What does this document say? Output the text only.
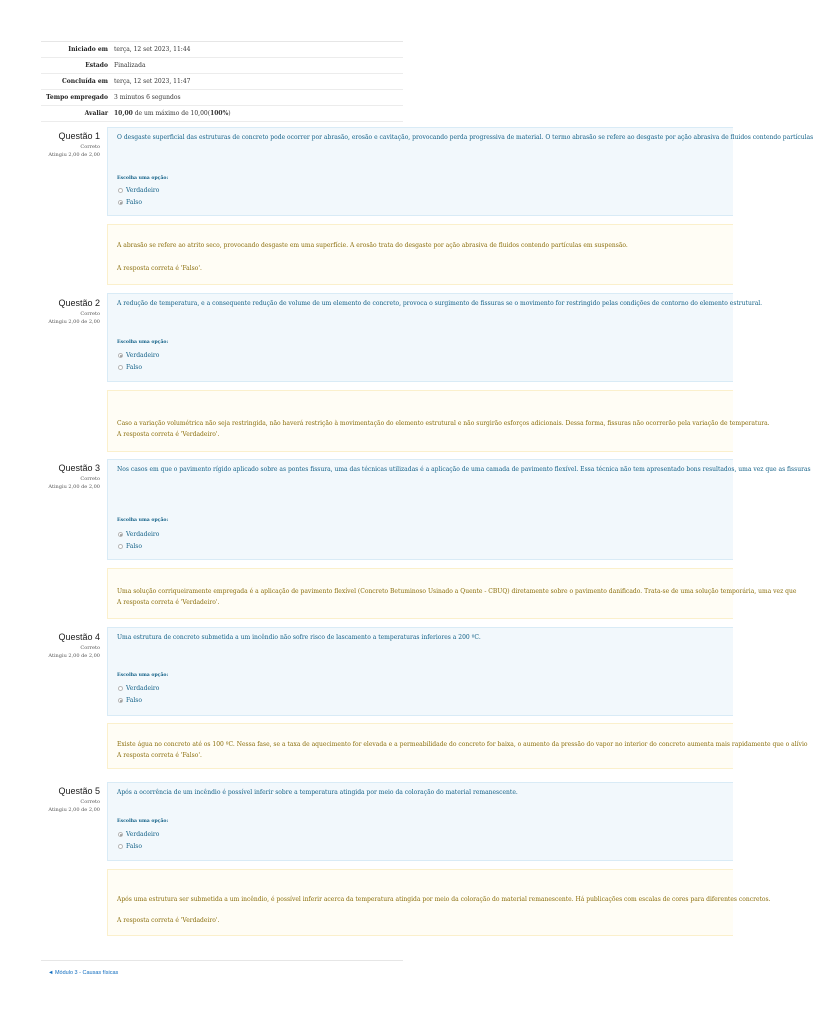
Iniciado em	terça, 12 set 2023, 11:44
Estado	Finalizada
Concluída em	terça, 12 set 2023, 11:47
Tempo empregado	3 minutos 6 segundos
Avaliar	10,00 de um máximo de 10,00(100%)
Questão 1
Correto
Atingiu 2,00 de 2,00
O desgaste superficial das estruturas de concreto pode ocorrer por abrasão, erosão e cavitação, provocando perda progressiva de material. O termo abrasão se refere ao desgaste por ação abrasiva de fluidos contendo partículas
Escolha uma opção:
Verdadeiro
Falso
A abrasão se refere ao atrito seco, provocando desgaste em uma superfície. A erosão trata do desgaste por ação abrasiva de fluidos contendo partículas em suspensão.
A resposta correta é 'Falso'.
Questão 2
Correto
Atingiu 2,00 de 2,00
A redução de temperatura, e a consequente redução de volume de um elemento de concreto, provoca o surgimento de fissuras se o movimento for restringido pelas condições de contorno do elemento estrutural.
Escolha uma opção:
Verdadeiro
Falso
Caso a variação volumétrica não seja restringida, não haverá restrição à movimentação do elemento estrutural e não surgirão esforços adicionais. Dessa forma, fissuras não ocorrerão pela variação de temperatura.
A resposta correta é 'Verdadeiro'.
Questão 3
Correto
Atingiu 2,00 de 2,00
Nos casos em que o pavimento rígido aplicado sobre as pontes fissura, uma das técnicas utilizadas é a aplicação de uma camada de pavimento flexível. Essa técnica não tem apresentado bons resultados, uma vez que as fissuras
Escolha uma opção:
Verdadeiro
Falso
Uma solução corriqueiramente empregada é a aplicação de pavimento flexível (Concreto Betuminoso Usinado a Quente - CBUQ) diretamente sobre o pavimento danificado. Trata-se de uma solução temporária, uma vez que
A resposta correta é 'Verdadeiro'.
Questão 4
Correto
Atingiu 2,00 de 2,00
Uma estrutura de concreto submetida a um incêndio não sofre risco de lascamento a temperaturas inferiores a 200 ºC.
Escolha uma opção:
Verdadeiro
Falso
Existe água no concreto até os 100 ºC. Nessa fase, se a taxa de aquecimento for elevada e a permeabilidade do concreto for baixa, o aumento da pressão do vapor no interior do concreto aumenta mais rapidamente que o alívio
A resposta correta é 'Falso'.
Questão 5
Correto
Atingiu 2,00 de 2,00
Após a ocorrência de um incêndio é possível inferir sobre a temperatura atingida por meio da coloração do material remanescente.
Escolha uma opção:
Verdadeiro
Falso
Após uma estrutura ser submetida a um incêndio, é possível inferir acerca da temperatura atingida por meio da coloração do material remanescente. Há publicações com escalas de cores para diferentes concretos.
A resposta correta é 'Verdadeiro'.
◄ Módulo 3 - Causas físicas
